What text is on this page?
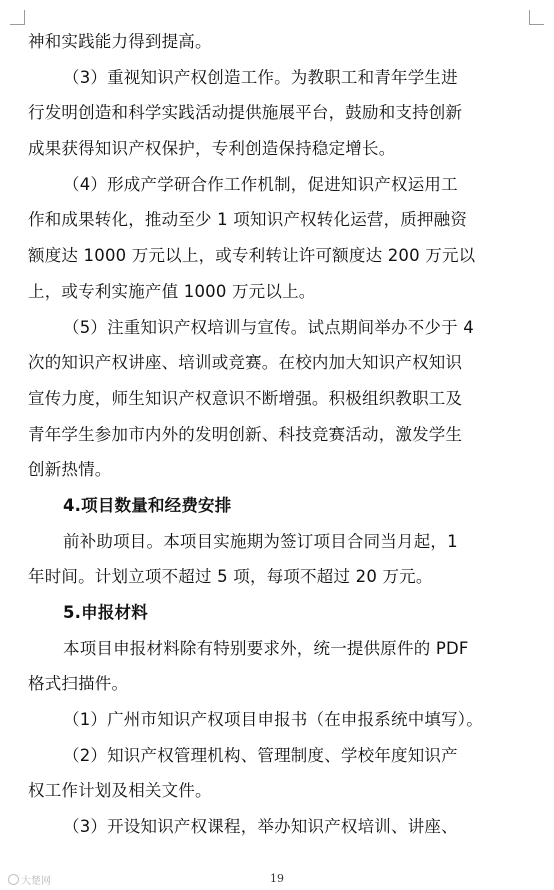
神和实践能力得到提高。
（3）重视知识产权创造工作。为教职工和青年学生进
行发明创造和科学实践活动提供施展平台，鼓励和支持创新
成果获得知识产权保护，专利创造保持稳定增长。
（4）形成产学研合作工作机制，促进知识产权运用工
作和成果转化，推动至少 1 项知识产权转化运营，质押融资
额度达 1000 万元以上，或专利转让许可额度达 200 万元以
上，或专利实施产值 1000 万元以上。
（5）注重知识产权培训与宣传。试点期间举办不少于 4
次的知识产权讲座、培训或竞赛。在校内加大知识产权知识
宣传力度，师生知识产权意识不断增强。积极组织教职工及
青年学生参加市内外的发明创新、科技竞赛活动，激发学生
创新热情。
4.项目数量和经费安排
前补助项目。本项目实施期为签订项目合同当月起，1
年时间。计划立项不超过 5 项，每项不超过 20 万元。
5.申报材料
本项目申报材料除有特别要求外，统一提供原件的 PDF
格式扫描件。
（1）广州市知识产权项目申报书（在申报系统中填写）。
（2）知识产权管理机构、管理制度、学校年度知识产
权工作计划及相关文件。
（3）开设知识产权课程，举办知识产权培训、讲座、
大楚网	19
